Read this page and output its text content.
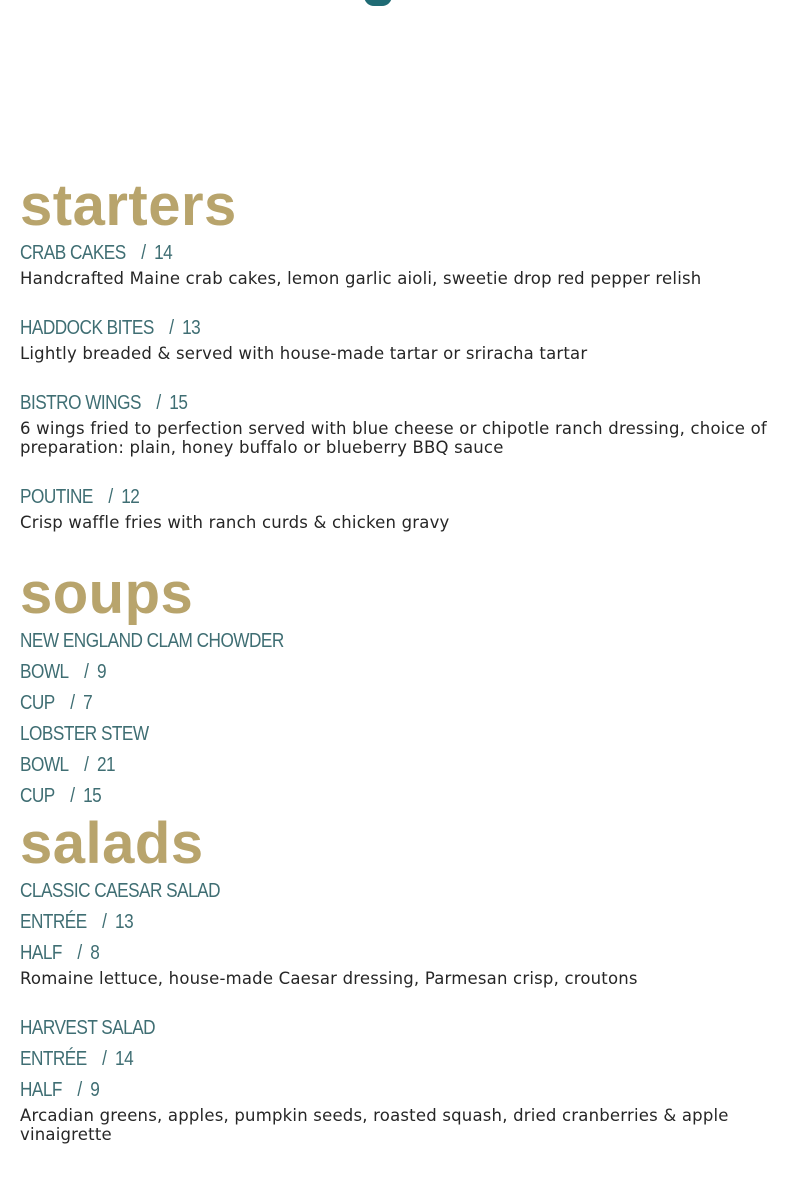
starters
CRAB CAKES / 14

Handcrafted Maine crab cakes, lemon garlic aioli, sweetie drop red pepper relish

HADDOCK BITES / 13

Lightly breaded & served with house-made tartar or sriracha tartar

BISTRO WINGS / 15

6 wings fried to perfection served with blue cheese or chipotle ranch dressing, choice of preparation: plain, honey buffalo or blueberry BBQ sauce

POUTINE / 12

Crisp waffle fries with ranch curds & chicken gravy

soups
NEW ENGLAND CLAM CHOWDER
BOWL / 9
CUP / 7
LOBSTER STEW
BOWL / 21
CUP / 15
salads
CLASSIC CAESAR SALAD
ENTRÉE / 13
HALF / 8

Romaine lettuce, house-made Caesar dressing, Parmesan crisp, croutons

HARVEST SALAD
ENTRÉE / 14
HALF / 9

Arcadian greens, apples, pumpkin seeds, roasted squash, dried cranberries & apple vinaigrette
